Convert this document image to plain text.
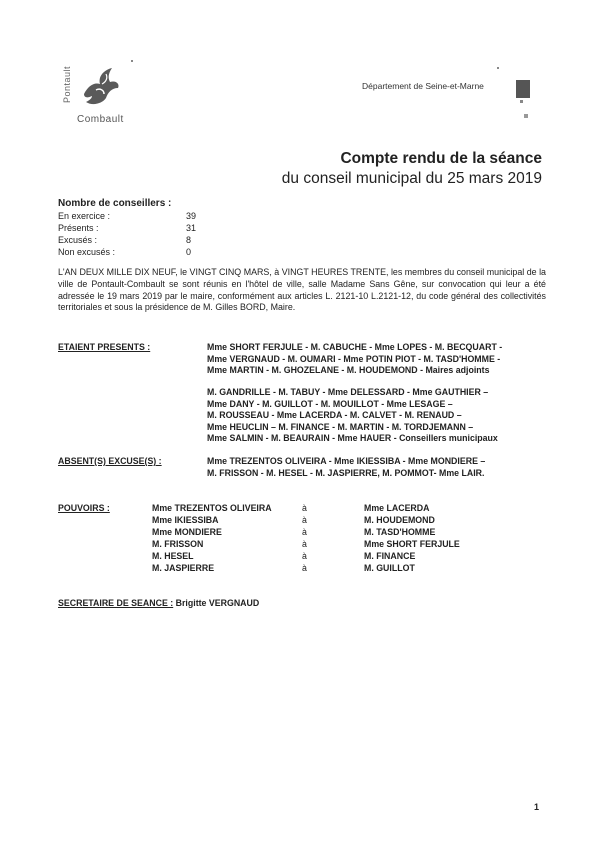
Pontault
Combault
Département de Seine-et-Marne
Compte rendu de la séance
du conseil municipal du 25 mars 2019
Nombre de conseillers :
En exercice :	39
Présents :	31
Excusés :	8
Non excusés :	0
L'AN DEUX MILLE DIX NEUF, le VINGT CINQ MARS, à VINGT HEURES TRENTE, les membres du conseil municipal de la ville de Pontault-Combault se sont réunis en l'hôtel de ville, salle Madame Sans Gêne, sur convocation qui leur a été adressée le 19 mars 2019 par le maire, conformément aux articles L. 2121-10 L.2121-12, du code général des collectivités territoriales et sous la présidence de M. Gilles BORD, Maire.
ETAIENT PRESENTS :	Mme SHORT FERJULE - M. CABUCHE - Mme LOPES - M. BECQUART -
Mme VERGNAUD - M. OUMARI - Mme POTIN PIOT - M. TASD'HOMME -
Mme MARTIN - M. GHOZELANE - M. HOUDEMOND - Maires adjoints
M. GANDRILLE - M. TABUY - Mme DELESSARD - Mme GAUTHIER –
Mme DANY - M. GUILLOT - M. MOUILLOT - Mme LESAGE –
M. ROUSSEAU - Mme LACERDA - M. CALVET - M. RENAUD –
Mme HEUCLIN – M. FINANCE - M. MARTIN - M. TORDJEMANN –
Mme SALMIN - M. BEAURAIN - Mme HAUER - Conseillers municipaux
ABSENT(S) EXCUSE(S) :	Mme TREZENTOS OLIVEIRA - Mme IKIESSIBA - Mme MONDIERE –
M. FRISSON - M. HESEL - M. JASPIERRE, M. POMMOT- Mme LAIR.
POUVOIRS :	Mme TREZENTOS OLIVEIRA	à	Mme LACERDA
Mme IKIESSIBA	à	M. HOUDEMOND
Mme MONDIERE	à	M. TASD'HOMME
M. FRISSON	à	Mme SHORT FERJULE
M. HESEL	à	M. FINANCE
M. JASPIERRE	à	M. GUILLOT
SECRETAIRE DE SEANCE : Brigitte VERGNAUD
1
